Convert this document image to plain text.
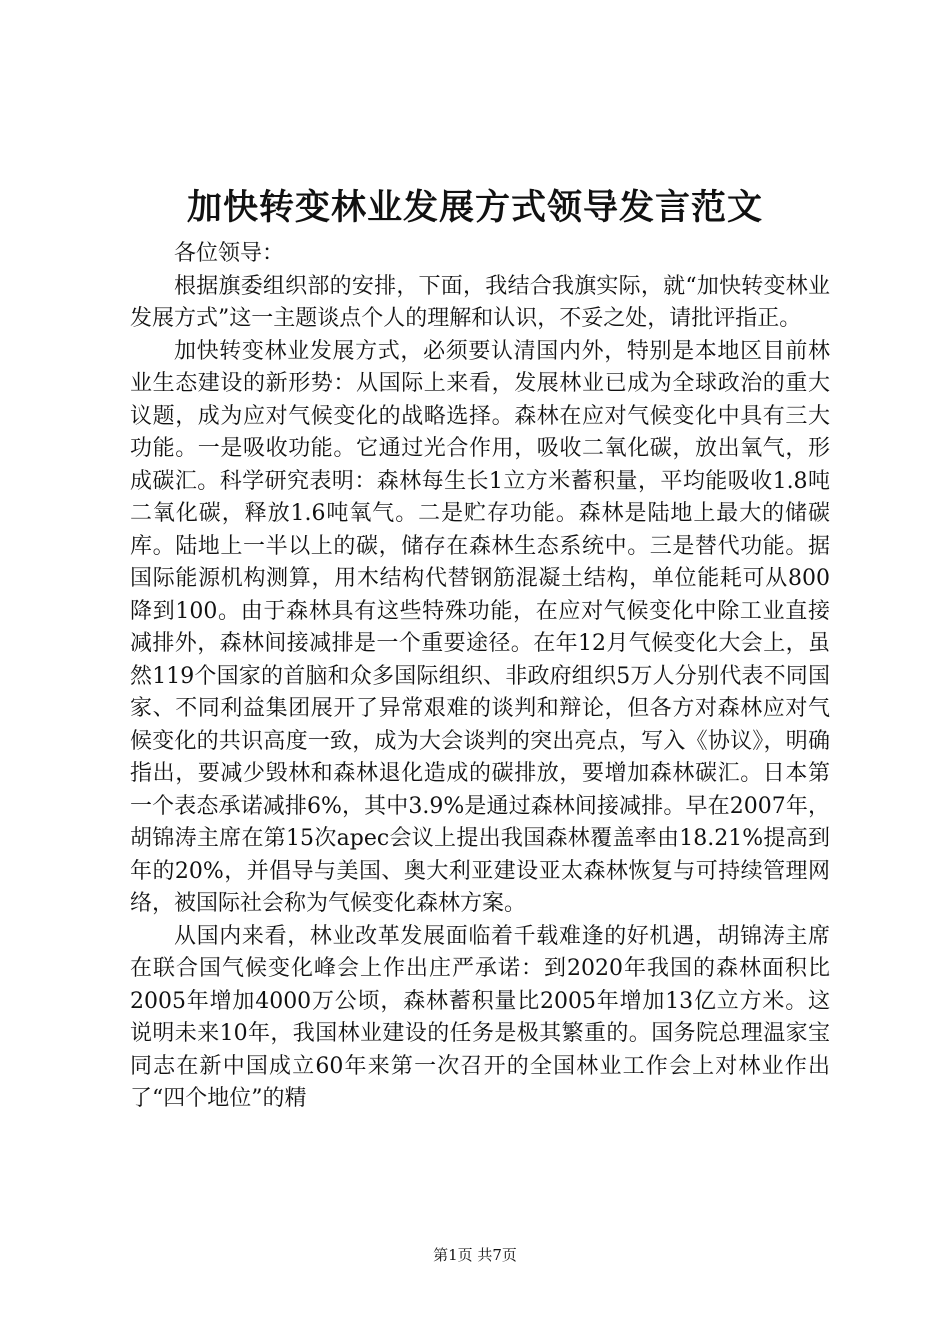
加快转变林业发展方式领导发言范文

各位领导：

根据旗委组织部的安排，下面，我结合我旗实际，就“加快转变林业发展方式”这一主题谈点个人的理解和认识，不妥之处，请批评指正。

加快转变林业发展方式，必须要认清国内外，特别是本地区目前林业生态建设的新形势：从国际上来看，发展林业已成为全球政治的重大议题，成为应对气候变化的战略选择。森林在应对气候变化中具有三大功能。一是吸收功能。它通过光合作用，吸收二氧化碳，放出氧气，形成碳汇。科学研究表明：森林每生长1立方米蓄积量，平均能吸收1.8吨二氧化碳，释放1.6吨氧气。二是贮存功能。森林是陆地上最大的储碳库。陆地上一半以上的碳，储存在森林生态系统中。三是替代功能。据国际能源机构测算，用木结构代替钢筋混凝土结构，单位能耗可从800降到100。由于森林具有这些特殊功能，在应对气候变化中除工业直接减排外，森林间接减排是一个重要途径。在年12月气候变化大会上，虽然119个国家的首脑和众多国际组织、非政府组织5万人分别代表不同国家、不同利益集团展开了异常艰难的谈判和辩论，但各方对森林应对气候变化的共识高度一致，成为大会谈判的突出亮点，写入《协议》，明确指出，要减少毁林和森林退化造成的碳排放，要增加森林碳汇。日本第一个表态承诺减排6%，其中3.9%是通过森林间接减排。早在2007年，胡锦涛主席在第15次apec会议上提出我国森林覆盖率由18.21%提高到年的20%，并倡导与美国、奥大利亚建设亚太森林恢复与可持续管理网络，被国际社会称为气候变化森林方案。

从国内来看，林业改革发展面临着千载难逢的好机遇，胡锦涛主席在联合国气候变化峰会上作出庄严承诺：到2020年我国的森林面积比2005年增加4000万公顷，森林蓄积量比2005年增加13亿立方米。这说明未来10年，我国林业建设的任务是极其繁重的。国务院总理温家宝同志在新中国成立60年来第一次召开的全国林业工作会上对林业作出了“四个地位”的精

第1页 共7页
